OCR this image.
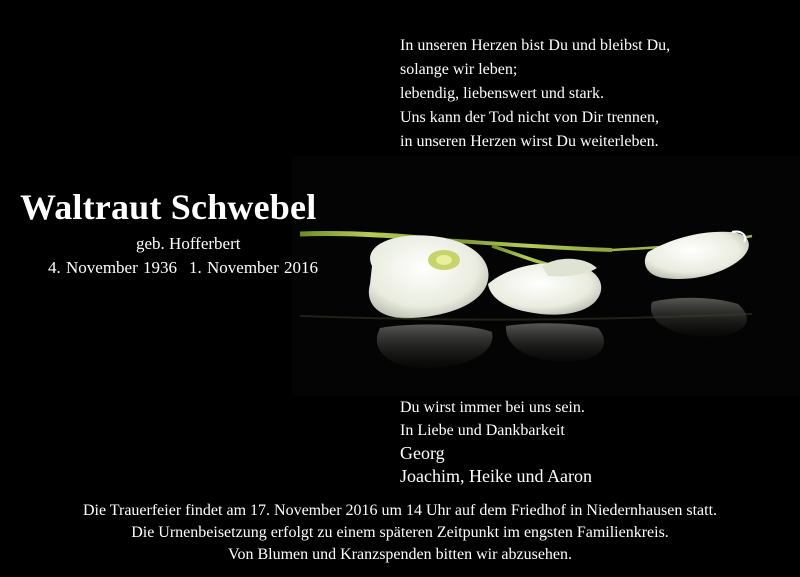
In unseren Herzen bist Du und bleibst Du,
solange wir leben;
lebendig, liebenswert und stark.
Uns kann der Tod nicht von Dir trennen,
in unseren Herzen wirst Du weiterleben.
Waltraut Schwebel
geb. Hofferbert
4. November 1936 1. November 2016
Du wirst immer bei uns sein.
In Liebe und Dankbarkeit
Georg
Joachim, Heike und Aaron
Die Trauerfeier findet am 17. November 2016 um 14 Uhr auf dem Friedhof in Niedernhausen statt.
Die Urnenbeisetzung erfolgt zu einem späteren Zeitpunkt im engsten Familienkreis.
Von Blumen und Kranzspenden bitten wir abzusehen.
